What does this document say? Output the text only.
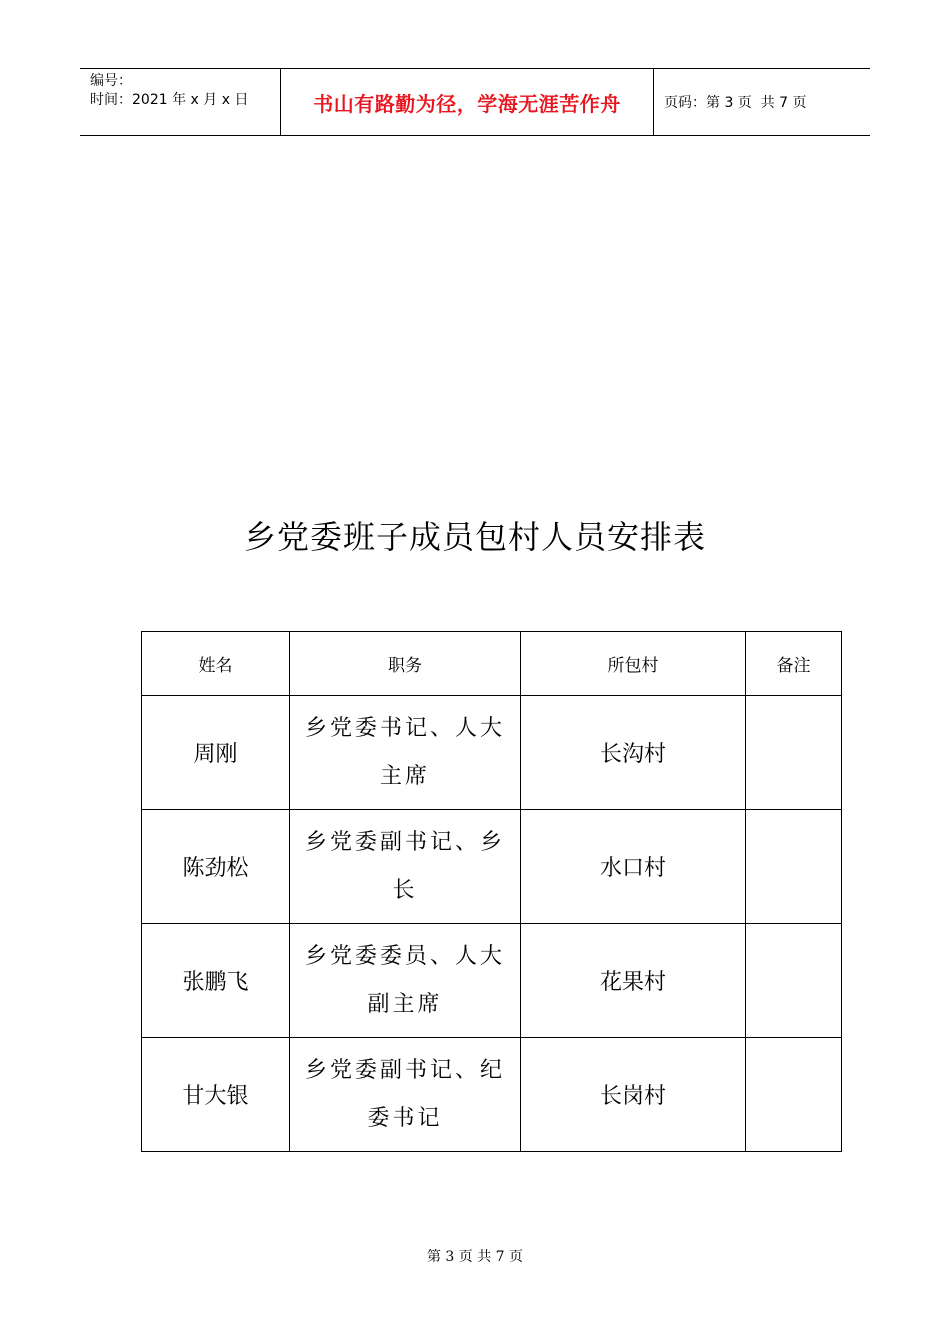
编号：
时间：2021 年 x 月 x 日	书山有路勤为径，学海无涯苦作舟	页码：第 3 页  共 7 页
乡党委班子成员包村人员安排表
姓名	职务	所包村	备注
周刚	乡党委书记、人大主席	长沟村	
陈劲松	乡党委副书记、乡长	水口村	
张鹏飞	乡党委委员、人大副主席	花果村	
甘大银	乡党委副书记、纪委书记	长岗村	
第 3 页 共 7 页
